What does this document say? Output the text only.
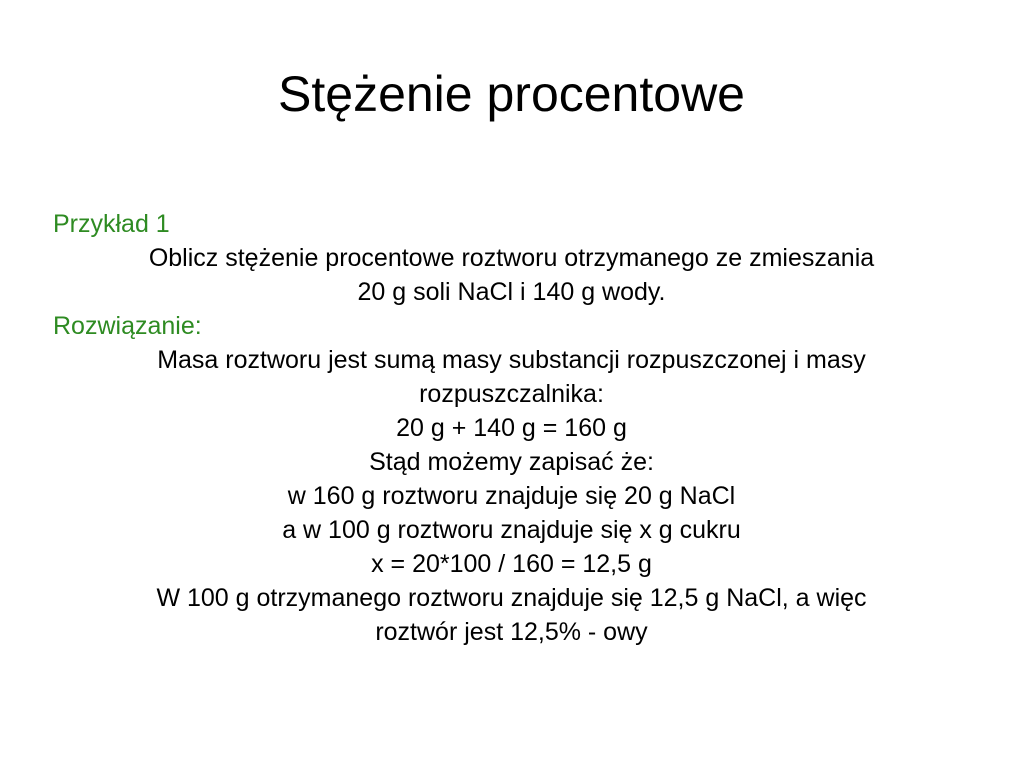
Stężenie procentowe

Przykład 1

Oblicz stężenie procentowe roztworu otrzymanego ze zmieszania

20 g soli NaCl i 140 g wody.

Rozwiązanie:

Masa roztworu jest sumą masy substancji rozpuszczonej i masy

rozpuszczalnika:

20 g + 140 g = 160 g

Stąd możemy zapisać że:

w 160 g roztworu znajduje się 20 g NaCl

a w 100 g roztworu znajduje się x g cukru

x = 20*100 / 160 = 12,5 g

W 100 g otrzymanego roztworu znajduje się 12,5 g NaCl, a więc

roztwór jest 12,5% - owy
